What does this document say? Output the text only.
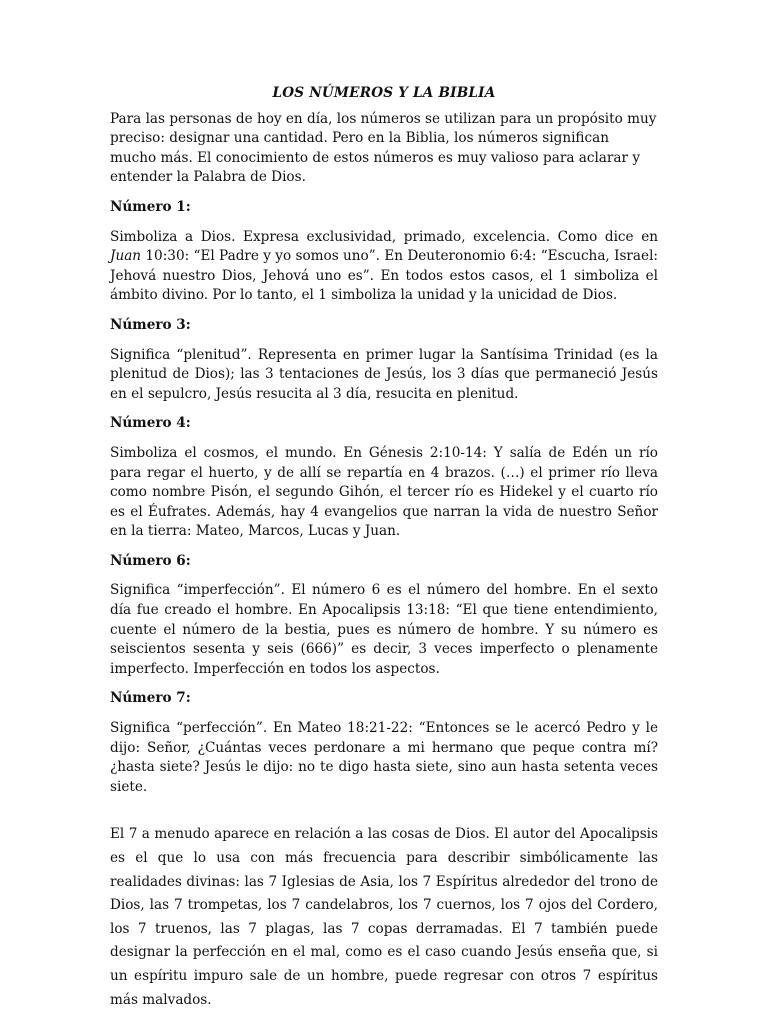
LOS NÚMEROS Y LA BIBLIA

Para las personas de hoy en día, los números se utilizan para un propósito muy preciso: designar una cantidad. Pero en la Biblia, los números significan mucho más. El conocimiento de estos números es muy valioso para aclarar y entender la Palabra de Dios.

Número 1:

Simboliza a Dios. Expresa exclusividad, primado, excelencia. Como dice en Juan 10:30: “El Padre y yo somos uno”. En Deuteronomio 6:4: “Escucha, Israel: Jehová nuestro Dios, Jehová uno es”. En todos estos casos, el 1 simboliza el ámbito divino. Por lo tanto, el 1 simboliza la unidad y la unicidad de Dios.

Número 3:

Significa “plenitud”. Representa en primer lugar la Santísima Trinidad (es la plenitud de Dios); las 3 tentaciones de Jesús, los 3 días que permaneció Jesús en el sepulcro, Jesús resucita al 3 día, resucita en plenitud.

Número 4:

Simboliza el cosmos, el mundo. En Génesis 2:10-14: Y salía de Edén un río para regar el huerto, y de allí se repartía en 4 brazos. (…) el primer río lleva como nombre Pisón, el segundo Gihón, el tercer río es Hidekel y el cuarto río es el Éufrates. Además, hay 4 evangelios que narran la vida de nuestro Señor en la tierra: Mateo, Marcos, Lucas y Juan.

Número 6:

Significa “imperfección”. El número 6 es el número del hombre. En el sexto día fue creado el hombre. En Apocalipsis 13:18: “El que tiene entendimiento, cuente el número de la bestia, pues es número de hombre. Y su número es seiscientos sesenta y seis (666)” es decir, 3 veces imperfecto o plenamente imperfecto. Imperfección en todos los aspectos.

Número 7:

Significa “perfección”. En Mateo 18:21-22: “Entonces se le acercó Pedro y le dijo: Señor, ¿Cuántas veces perdonare a mi hermano que peque contra mí? ¿hasta siete? Jesús le dijo: no te digo hasta siete, sino aun hasta setenta veces siete.

El 7 a menudo aparece en relación a las cosas de Dios. El autor del Apocalipsis es el que lo usa con más frecuencia para describir simbólicamente las realidades divinas: las 7 Iglesias de Asia, los 7 Espíritus alrededor del trono de Dios, las 7 trompetas, los 7 candelabros, los 7 cuernos, los 7 ojos del Cordero, los 7 truenos, las 7 plagas, las 7 copas derramadas. El 7 también puede designar la perfección en el mal, como es el caso cuando Jesús enseña que, si un espíritu impuro sale de un hombre, puede regresar con otros 7 espíritus más malvados.
